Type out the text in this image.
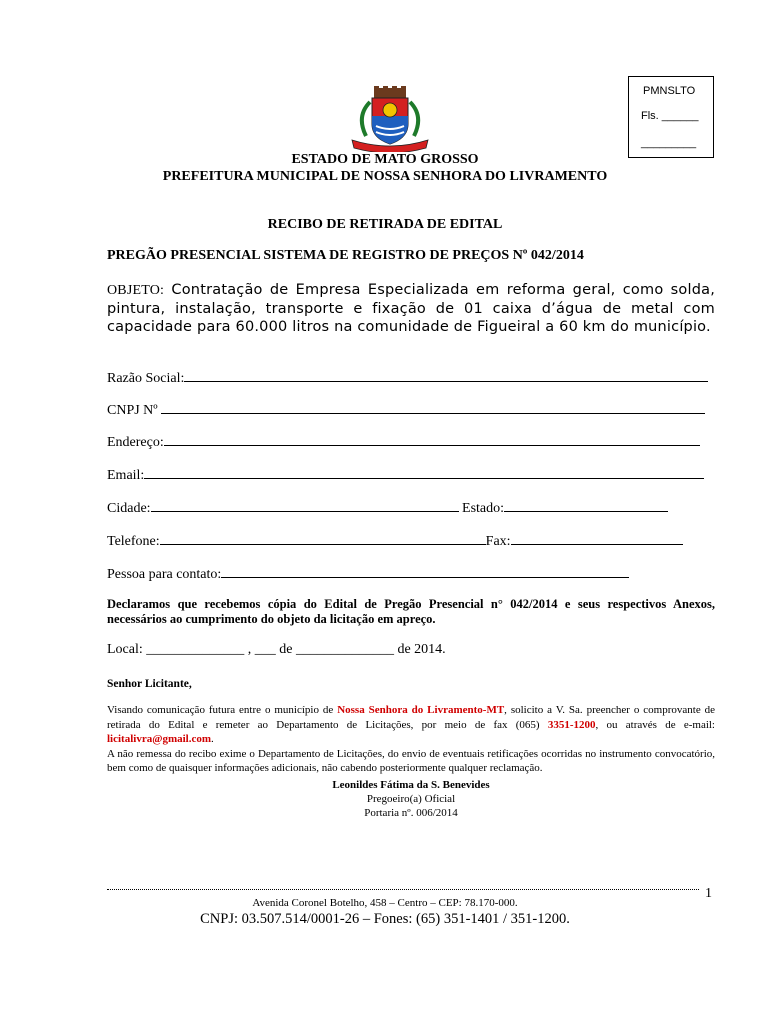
PMNSLTO
Fls. ______
_________
ESTADO DE MATO GROSSO
PREFEITURA MUNICIPAL DE NOSSA SENHORA DO LIVRAMENTO
RECIBO DE RETIRADA DE EDITAL
PREGÃO PRESENCIAL SISTEMA DE REGISTRO DE PREÇOS Nº 042/2014
OBJETO: Contratação de Empresa Especializada em reforma geral, como solda, pintura, instalação, transporte e fixação de 01 caixa d’água de metal com capacidade para 60.000 litros na comunidade de Figueiral a 60 km do município.
Razão Social:
CNPJ Nº
Endereço:
Email:
Cidade:	Estado:
Telefone:	Fax:
Pessoa para contato:
Declaramos que recebemos cópia do Edital de Pregão Presencial n° 042/2014 e seus respectivos Anexos, necessários ao cumprimento do objeto da licitação em apreço.
Local: ______________ , ___ de ______________ de 2014.
Senhor Licitante,
Visando comunicação futura entre o município de Nossa Senhora do Livramento-MT, solicito a V. Sa. preencher o comprovante de retirada do Edital e remeter ao Departamento de Licitações, por meio de fax (065) 3351-1200, ou através de e-mail: licitalivra@gmail.com.
A não remessa do recibo exime o Departamento de Licitações, do envio de eventuais retificações ocorridas no instrumento convocatório, bem como de quaisquer informações adicionais, não cabendo posteriormente qualquer reclamação.
Leonildes Fátima da S. Benevides
Pregoeiro(a) Oficial
Portaria nº. 006/2014
1
Avenida Coronel Botelho, 458 – Centro – CEP: 78.170-000.
CNPJ: 03.507.514/0001-26 – Fones: (65) 351-1401 / 351-1200.
